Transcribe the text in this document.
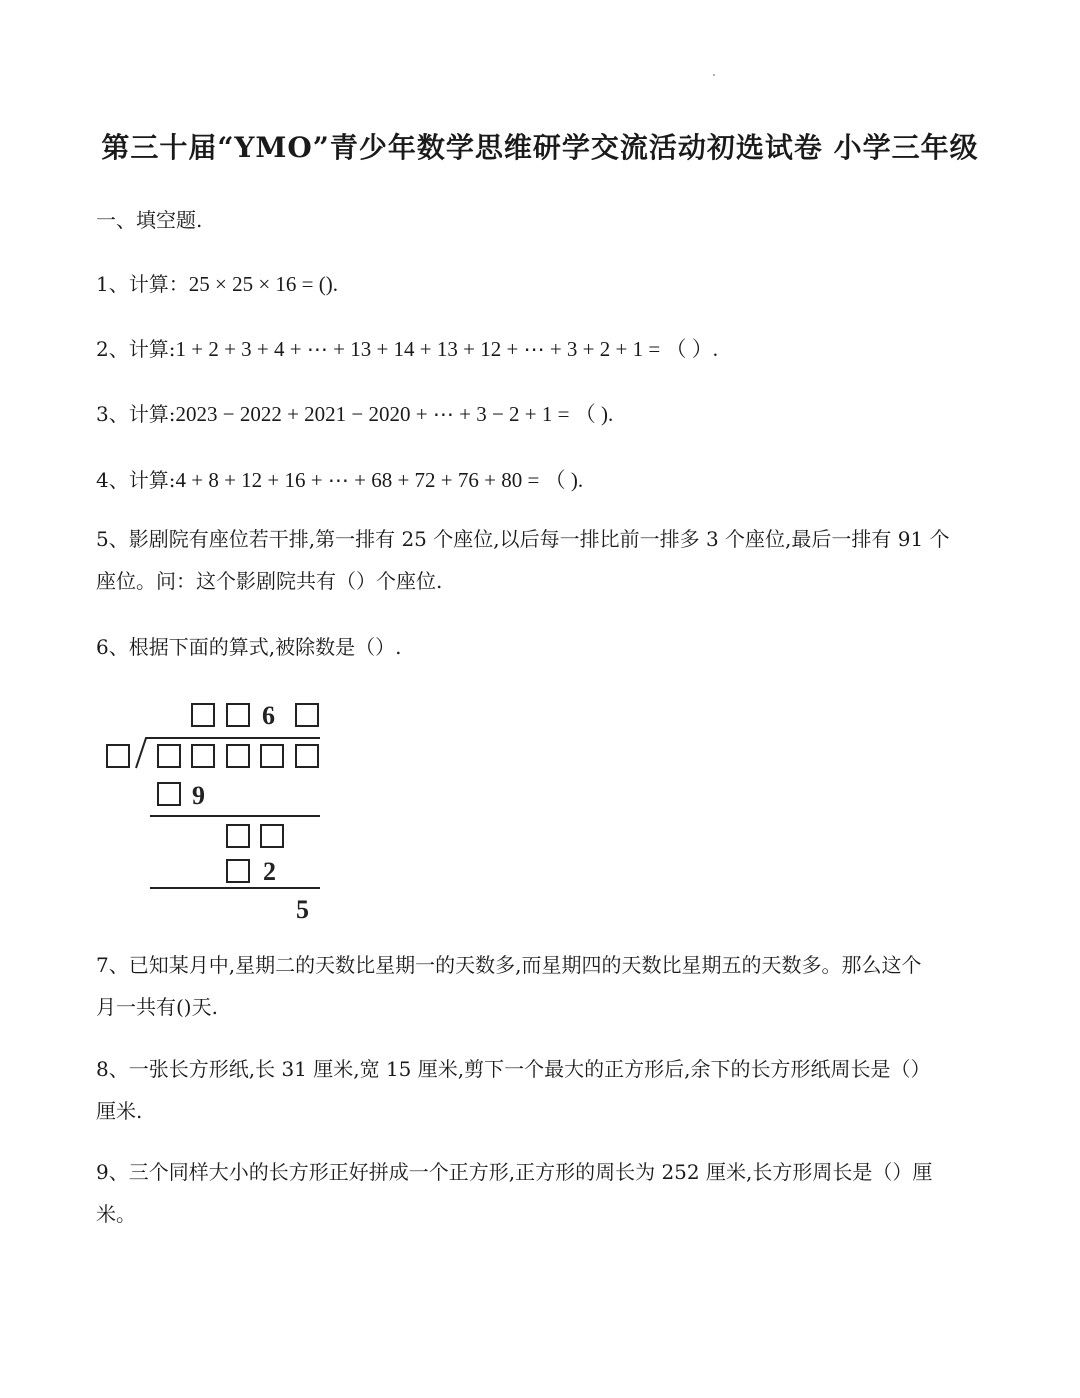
第三十届“YMO”青少年数学思维研学交流活动初选试卷 小学三年级
一、填空题.
1、计算：25 × 25 × 16 = ().
2、计算:1 + 2 + 3 + 4 + ⋯ + 13 + 14 + 13 + 12 + ⋯ + 3 + 2 + 1 = （ ）.
3、计算:2023 − 2022 + 2021 − 2020 + ⋯ + 3 − 2 + 1 = （ ).
4、计算:4 + 8 + 12 + 16 + ⋯ + 68 + 72 + 76 + 80 = （ ).
5、影剧院有座位若干排,第一排有 25 个座位,以后每一排比前一排多 3 个座位,最后一排有 91 个
座位。问：这个影剧院共有（）个座位.
6、根据下面的算式,被除数是（）.
6
9
2
5
7、已知某月中,星期二的天数比星期一的天数多,而星期四的天数比星期五的天数多。那么这个
月一共有()天.
8、一张长方形纸,长 31 厘米,宽 15 厘米,剪下一个最大的正方形后,余下的长方形纸周长是（）
厘米.
9、三个同样大小的长方形正好拼成一个正方形,正方形的周长为 252 厘米,长方形周长是（）厘
米。
